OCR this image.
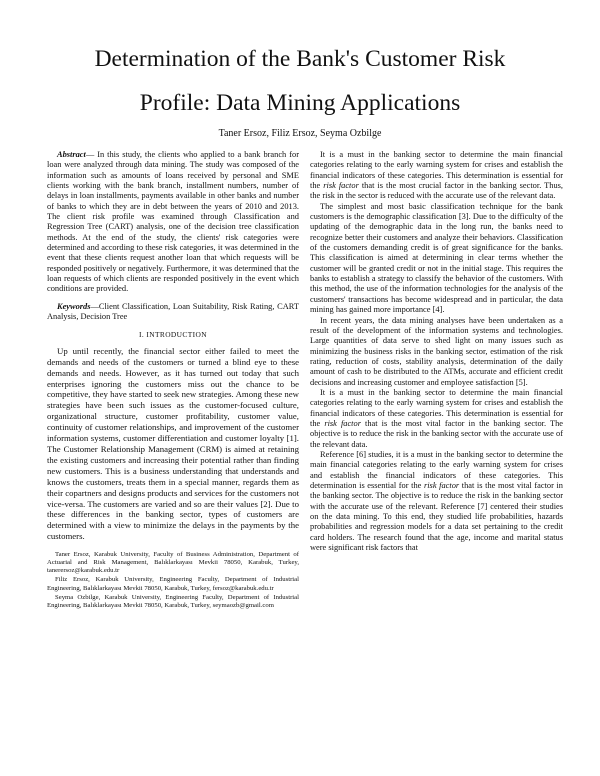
Determination of the Bank's Customer Risk
Profile: Data Mining Applications
Taner Ersoz, Filiz Ersoz, Seyma Ozbilge

Abstract— In this study, the clients who applied to a bank branch for loan were analyzed through data mining. The study was composed of the information such as amounts of loans received by personal and SME clients working with the bank branch, installment numbers, number of delays in loan installments, payments available in other banks and number of banks to which they are in debt between the years of 2010 and 2013. The client risk profile was examined through Classification and Regression Tree (CART) analysis, one of the decision tree classification methods. At the end of the study, the clients' risk categories were determined and according to these risk categories, it was determined in the event that these clients request another loan that which requests will be responded positively or negatively. Furthermore, it was determined that the loan requests of which clients are responded positively in the event which conditions are provided.

Keywords—Client Classification, Loan Suitability, Risk Rating, CART Analysis, Decision Tree

I. INTRODUCTION

Up until recently, the financial sector either failed to meet the demands and needs of the customers or turned a blind eye to these demands and needs. However, as it has turned out today that such enterprises ignoring the customers miss out the chance to be competitive, they have started to seek new strategies. Among these new strategies have been such issues as the customer-focused culture, organizational structure, customer profitability, customer value, continuity of customer relationships, and improvement of the customer information systems, customer differentiation and customer loyalty [1]. The Customer Relationship Management (CRM) is aimed at retaining the existing customers and increasing their potential rather than finding new customers. This is a business understanding that understands and knows the customers, treats them in a special manner, regards them as their copartners and designs products and services for the customers not vice-versa. The customers are varied and so are their values [2]. Due to these differences in the banking sector, types of customers are determined with a view to minimize the delays in the payments by the customers.

Taner Ersoz, Karabuk University, Faculty of Business Administration, Department of Actuarial and Risk Management, Balıklarkayası Mevkii 78050, Karabuk, Turkey, tanerersoz@karabuk.edu.tr

Filiz Ersoz, Karabuk University, Engineering Faculty, Department of Industrial Engineering, Balıklarkayası Mevkii 78050, Karabuk, Turkey, fersoz@karabuk.edu.tr

Seyma Ozbilge, Karabuk University, Engineering Faculty, Department of Industrial Engineering, Balıklarkayası Mevkii 78050, Karabuk, Turkey, seymaozb@gmail.com

It is a must in the banking sector to determine the main financial categories relating to the early warning system for crises and establish the financial indicators of these categories. This determination is essential for the risk factor that is the most crucial factor in the banking sector. Thus, the risk in the sector is reduced with the accurate use of the relevant data.

The simplest and most basic classification technique for the bank customers is the demographic classification [3]. Due to the difficulty of the updating of the demographic data in the long run, the banks need to recognize better their customers and analyze their behaviors. Classification of the customers demanding credit is of great significance for the banks. This classification is aimed at determining in clear terms whether the customer will be granted credit or not in the initial stage. This requires the banks to establish a strategy to classify the behavior of the customers. With this method, the use of the information technologies for the analysis of the customers' transactions has become widespread and in particular, the data mining has gained more importance [4].

In recent years, the data mining analyses have been undertaken as a result of the development of the information systems and technologies. Large quantities of data serve to shed light on many issues such as minimizing the business risks in the banking sector, estimation of the risk rating, reduction of costs, stability analysis, determination of the daily amount of cash to be distributed to the ATMs, accurate and efficient credit decisions and increasing customer and employee satisfaction [5].

It is a must in the banking sector to determine the main financial categories relating to the early warning system for crises and establish the financial indicators of these categories. This determination is essential for the risk factor that is the most vital factor in the banking sector. The objective is to reduce the risk in the banking sector with the accurate use of the relevant data.

Reference [6] studies, it is a must in the banking sector to determine the main financial categories relating to the early warning system for crises and establish the financial indicators of these categories. This determination is essential for the risk factor that is the most vital factor in the banking sector. The objective is to reduce the risk in the banking sector with the accurate use of the relevant. Reference [7] centered their studies on the data mining. To this end, they studied life probabilities, hazards probabilities and regression models for a data set pertaining to the credit card holders. The research found that the age, income and marital status were significant risk factors that
